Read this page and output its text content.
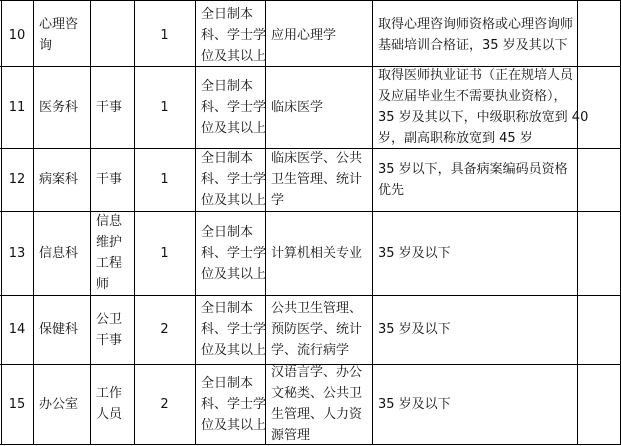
10
心理咨
询
1
全日制本
科、学士学
位及其以上
应用心理学
取得心理咨询师资格或心理咨询师
基础培训合格证，35 岁及其以下
11 医务科 干事	1
全日制本
科、学士学
位及其以上
临床医学
取得医师执业证书（正在规培人员
及应届毕业生不需要执业资格），
35 岁及其以下，中级职称放宽到 40
岁，副高职称放宽到 45 岁
12 病案科 干事	1
全日制本
科、学士学
位及其以上
临床医学、公共
卫生管理、统计
学
35 岁以下，具备病案编码员资格
优先
13 信息科
信息
维护
工程
师
1
全日制本
科、学士学
位及其以上
计算机相关专业 35 岁及以下
14 保健科
公卫
干事
2
全日制本
科、学士学
位及其以上
公共卫生管理、
预防医学、统计
学、流行病学
35 岁及以下
15 办公室
工作
人员
2
全日制本
科、学士学
位及其以上
汉语言学、办公
文秘类、公共卫
生管理、人力资
源管理
35 岁及以下
